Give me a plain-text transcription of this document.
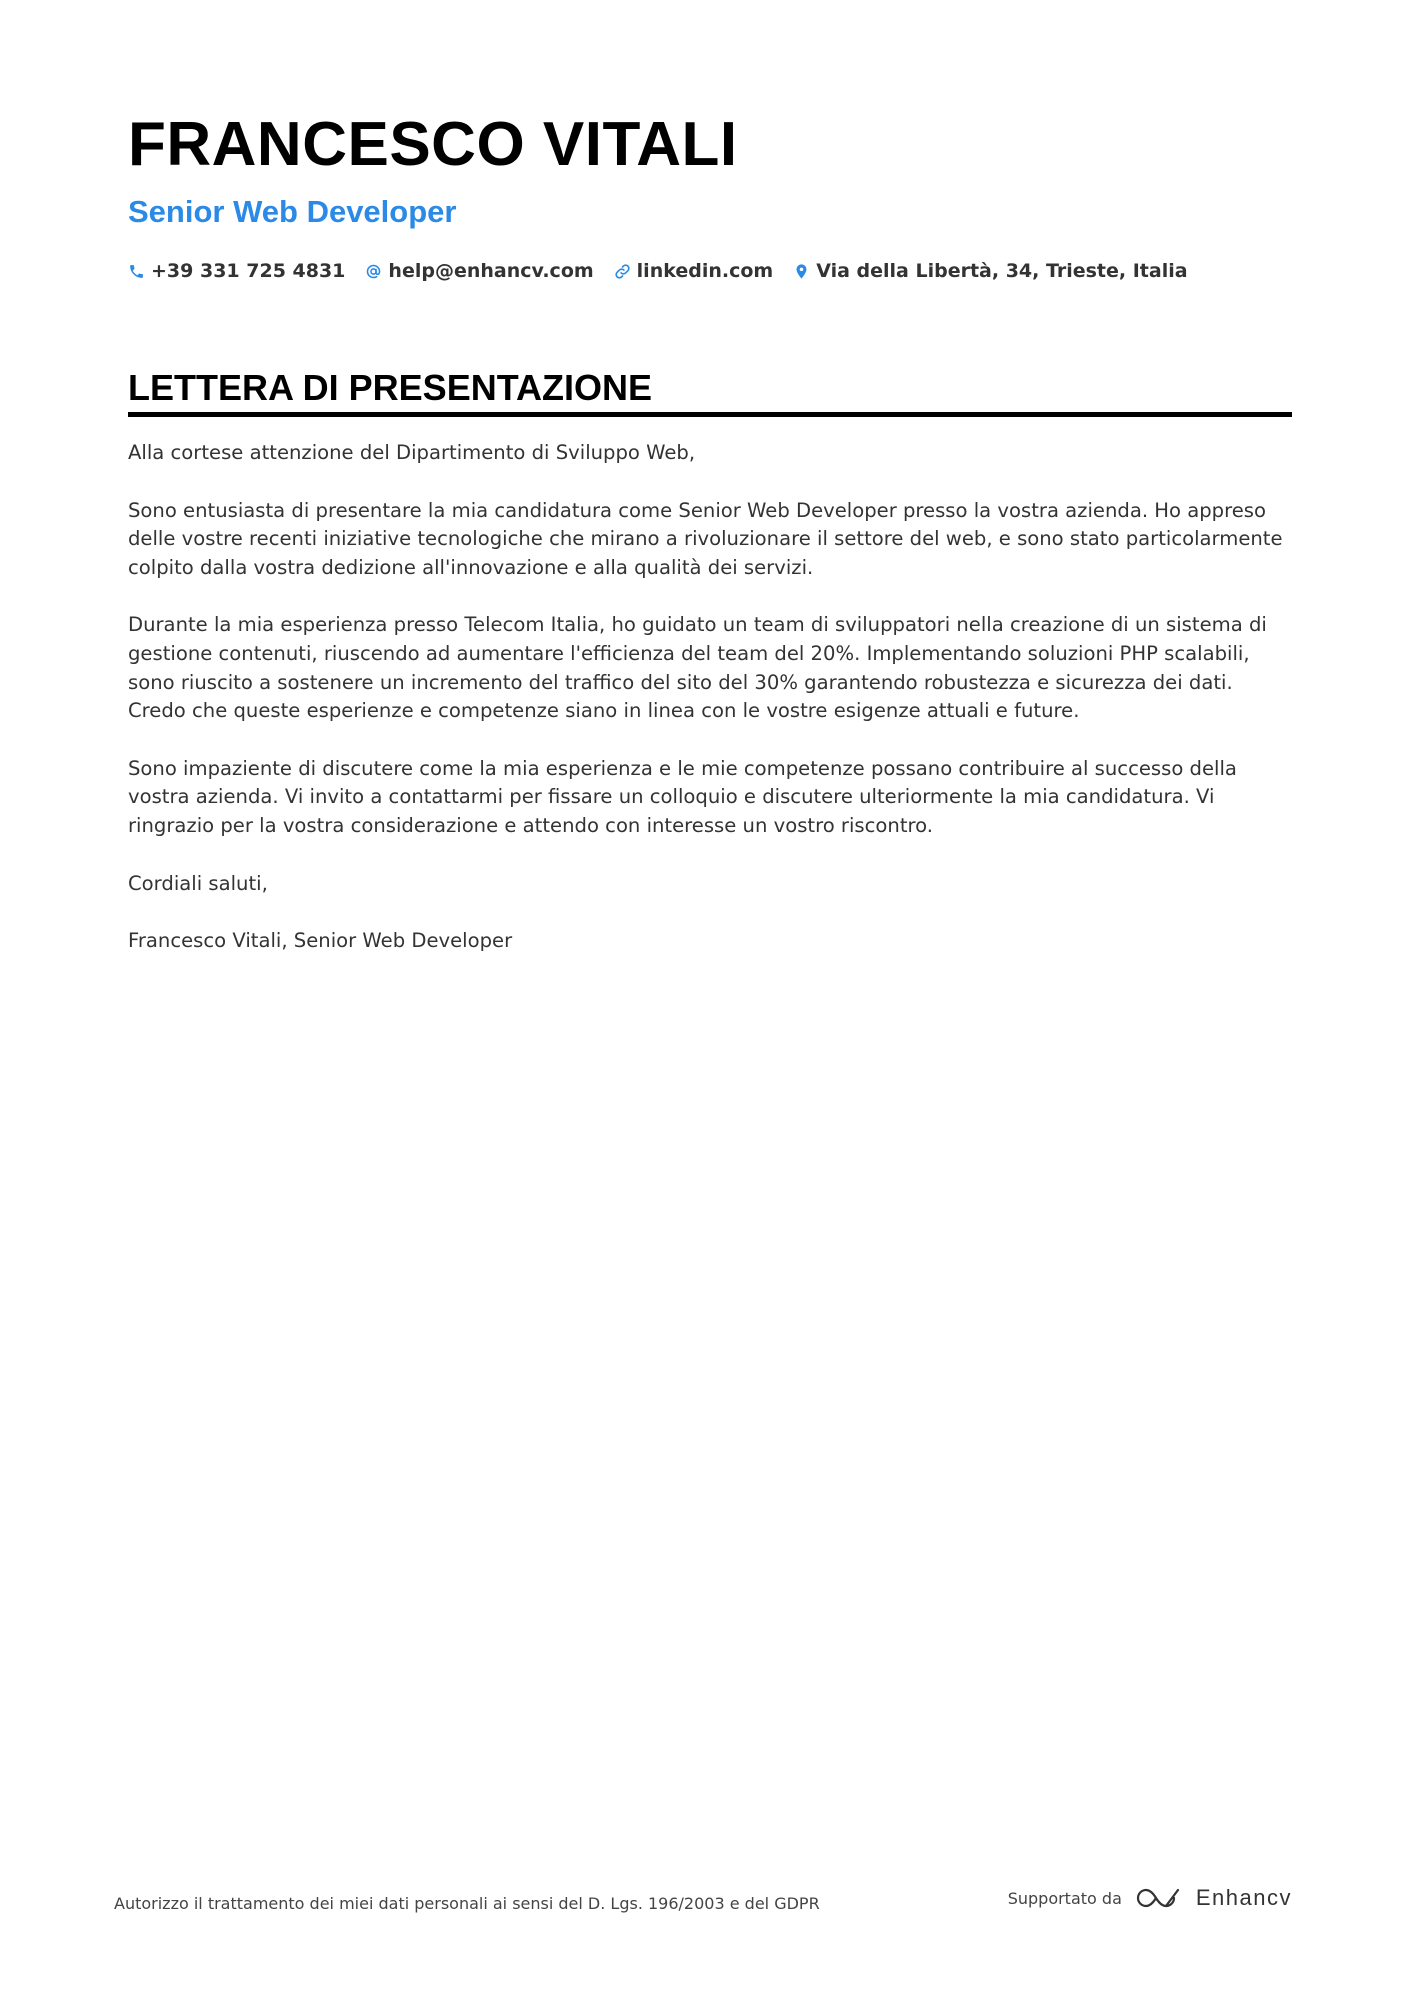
FRANCESCO VITALI
Senior Web Developer
+39 331 725 4831 help@enhancv.com linkedin.com Via della Libertà, 34, Trieste, Italia
LETTERA DI PRESENTAZIONE

Alla cortese attenzione del Dipartimento di Sviluppo Web,

Sono entusiasta di presentare la mia candidatura come Senior Web Developer presso la vostra azienda. Ho appreso delle vostre recenti iniziative tecnologiche che mirano a rivoluzionare il settore del web, e sono stato particolarmente colpito dalla vostra dedizione all'innovazione e alla qualità dei servizi.

Durante la mia esperienza presso Telecom Italia, ho guidato un team di sviluppatori nella creazione di un sistema di gestione contenuti, riuscendo ad aumentare l'efficienza del team del 20%. Implementando soluzioni PHP scalabili, sono riuscito a sostenere un incremento del traffico del sito del 30% garantendo robustezza e sicurezza dei dati. Credo che queste esperienze e competenze siano in linea con le vostre esigenze attuali e future.

Sono impaziente di discutere come la mia esperienza e le mie competenze possano contribuire al successo della vostra azienda. Vi invito a contattarmi per fissare un colloquio e discutere ulteriormente la mia candidatura. Vi ringrazio per la vostra considerazione e attendo con interesse un vostro riscontro.

Cordiali saluti,

Francesco Vitali, Senior Web Developer

Autorizzo il trattamento dei miei dati personali ai sensi del D. Lgs. 196/2003 e del GDPR	Supportato da	Enhancv
